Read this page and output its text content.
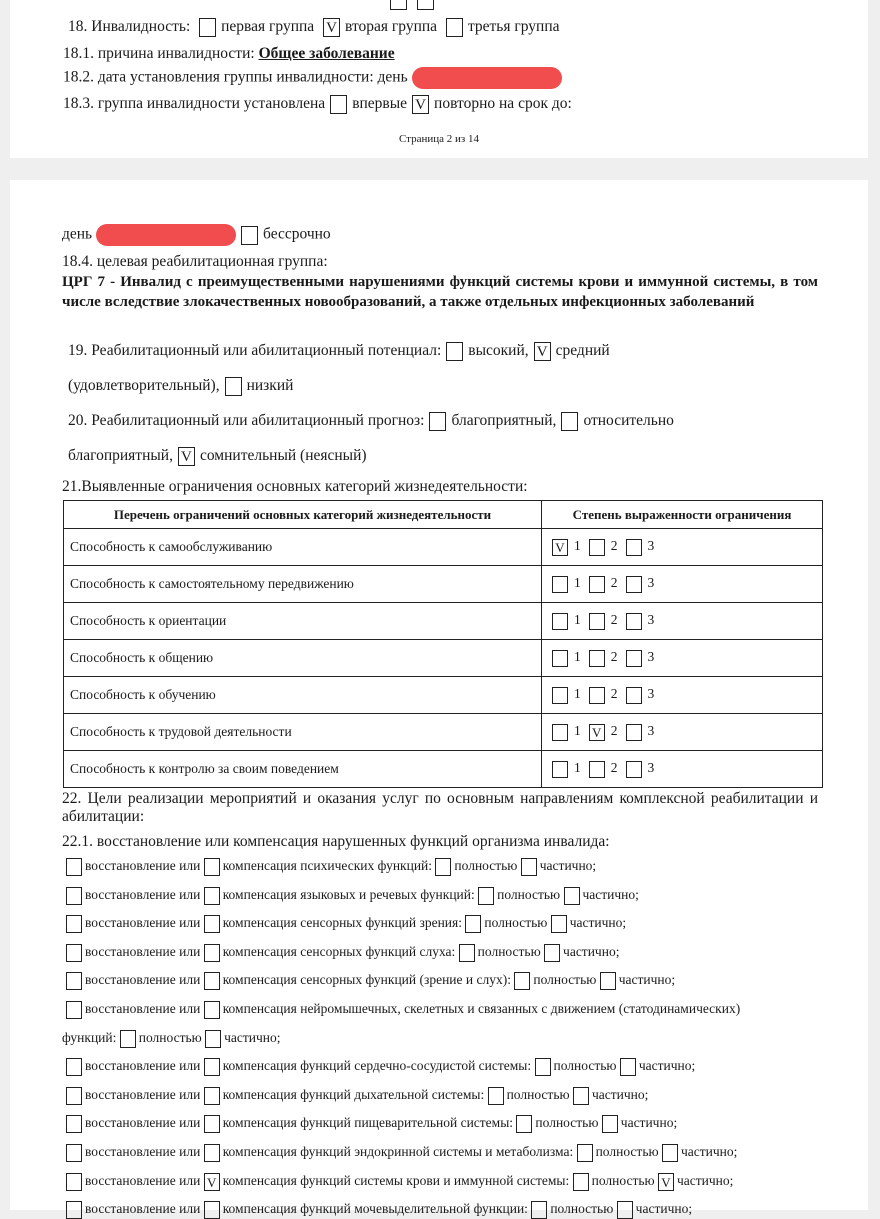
18. Инвалидность: первая группа V вторая группа третья группа
18.1. причина инвалидности: Общее заболевание
18.2. дата установления группы инвалидности: день
18.3. группа инвалидности установлена впервые V повторно на срок до:
Страница 2 из 14
день	бессрочно
18.4. целевая реабилитационная группа:
ЦРГ 7 - Инвалид с преимущественными нарушениями функций системы крови и иммунной системы, в том числе вследствие злокачественных новообразований, а также отдельных инфекционных заболеваний
19. Реабилитационный или абилитационный потенциал: высокий, V средний
(удовлетворительный), низкий
20. Реабилитационный или абилитационный прогноз: благоприятный, относительно
благоприятный, V сомнительный (неясный)
21.Выявленные ограничения основных категорий жизнедеятельности:
Перечень ограничений основных категорий жизнедеятельности	Степень выраженности ограничения
Способность к самообслуживанию	V 1 2 3
Способность к самостоятельному передвижению	1 2 3
Способность к ориентации	1 2 3
Способность к общению	1 2 3
Способность к обучению	1 2 3
Способность к трудовой деятельности	1 V 2 3
Способность к контролю за своим поведением	1 2 3
22. Цели реализации мероприятий и оказания услуг по основным направлениям комплексной реабилитации и абилитации:
22.1. восстановление или компенсация нарушенных функций организма инвалида:
восстановление или компенсация психических функций: полностью частично;
восстановление или компенсация языковых и речевых функций: полностью частично;
восстановление или компенсация сенсорных функций зрения: полностью частично;
восстановление или компенсация сенсорных функций слуха: полностью частично;
восстановление или компенсация сенсорных функций (зрение и слух): полностью частично;
восстановление или компенсация нейромышечных, скелетных и связанных с движением (статодинамических)
функций: полностью частично;
восстановление или компенсация функций сердечно-сосудистой системы: полностью частично;
восстановление или компенсация функций дыхательной системы: полностью частично;
восстановление или компенсация функций пищеварительной системы: полностью частично;
восстановление или компенсация функций эндокринной системы и метаболизма: полностью частично;
восстановление или V компенсация функций системы крови и иммунной системы: полностью V частично;
восстановление или компенсация функций мочевыделительной функции: полностью частично;
